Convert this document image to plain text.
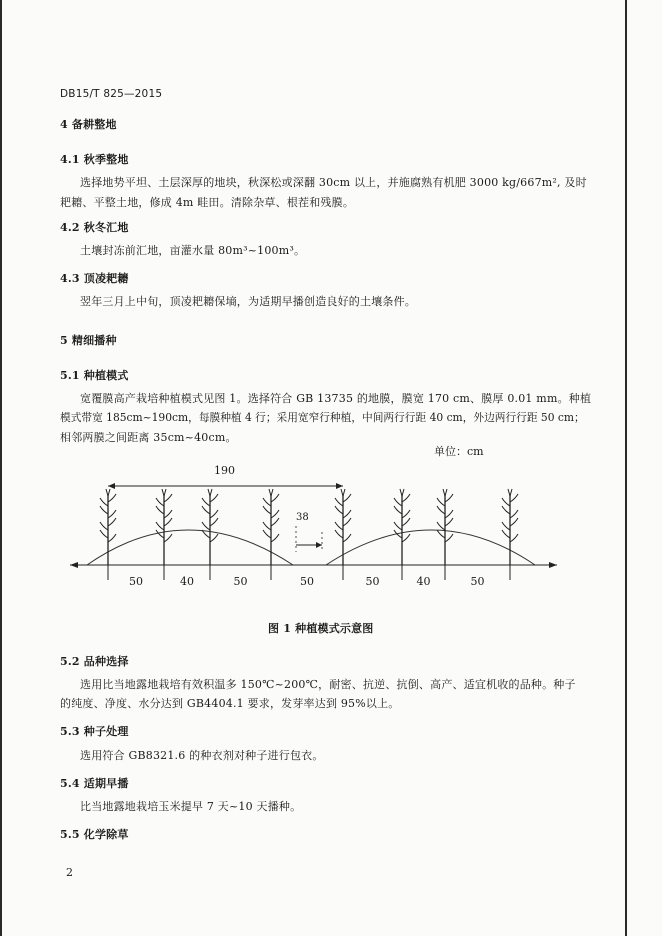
DB15/T 825—2015
4 备耕整地
4.1 秋季整地
选择地势平坦、土层深厚的地块，秋深松或深翻 30cm 以上，并施腐熟有机肥 3000 kg/667m², 及时
耙耱、平整土地，修成 4m 畦田。清除杂草、根茬和残膜。
4.2 秋冬汇地
土壤封冻前汇地，亩灌水量 80m³~100m³。
4.3 顶凌耙耱
翌年三月上中旬，顶凌耙耱保墒，为适期早播创造良好的土壤条件。
5 精细播种
5.1 种植模式
宽覆膜高产栽培种植模式见图 1。选择符合 GB 13735 的地膜，膜宽 170 cm、膜厚 0.01 mm。种植
模式带宽 185cm~190cm，每膜种植 4 行；采用宽窄行种植，中间两行行距 40 cm，外边两行行距 50 cm；
相邻两膜之间距离 35cm~40cm。
单位：cm
190
38
50	40	50	50	50	40	50
图 1 种植模式示意图
5.2 品种选择
选用比当地露地栽培有效积温多 150℃~200℃，耐密、抗逆、抗倒、高产、适宜机收的品种。种子
的纯度、净度、水分达到 GB4404.1 要求，发芽率达到 95%以上。
5.3 种子处理
选用符合 GB8321.6 的种衣剂对种子进行包衣。
5.4 适期早播
比当地露地栽培玉米提早 7 天~10 天播种。
5.5 化学除草
2
